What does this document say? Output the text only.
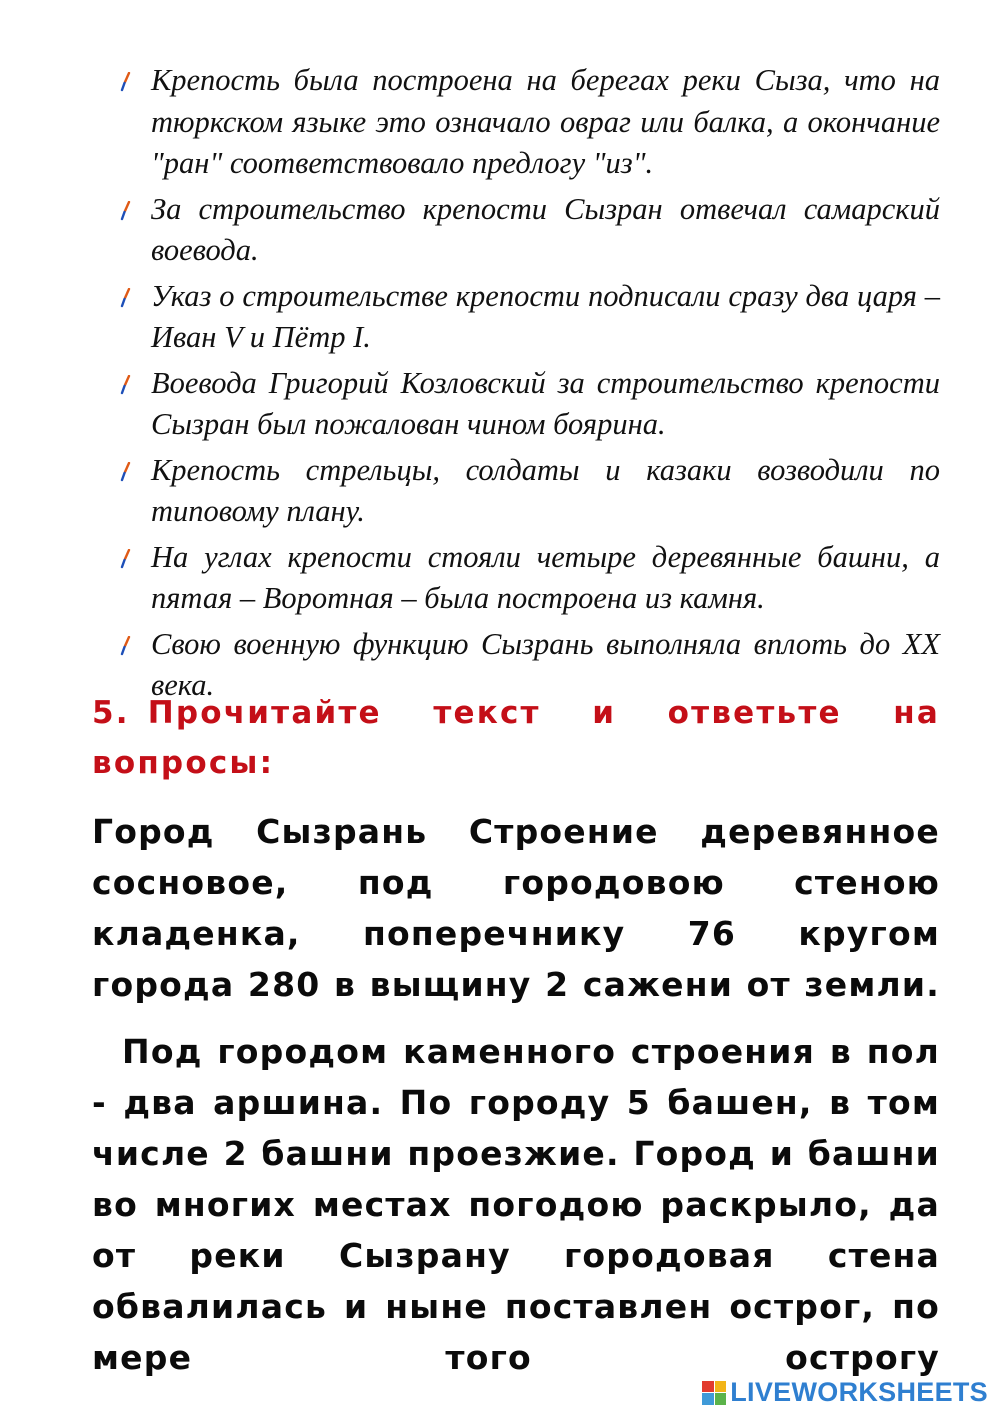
Крепость была построена на берегах реки Сыза, что на тюркском языке это означало овраг или балка, а окончание "ран" соответствовало предлогу "из".
За строительство крепости Сызран отвечал самарский воевода.
Указ о строительстве крепости подписали сразу два царя – Иван V и Пётр I.
Воевода Григорий Козловский за строительство крепости Сызран был пожалован чином боярина.
Крепость стрельцы, солдаты и казаки возводили по типовому плану.
На углах крепости стояли четыре деревянные башни, а пятая – Воротная – была построена из камня.
Свою военную функцию Сызрань выполняла вплоть до XX века.
5. Прочитайте текст и ответьте на вопросы:

Город Сызрань Строение деревянное сосновое, под городовою стеною кладенка, поперечнику 76 кругом города 280 в выщину 2 сажени от земли.

Под городом каменного строения в пол - два аршина. По городу 5 башен, в том числе 2 башни проезжие. Город и башни во многих местах погодою раскрыло, да от реки Сызрану городовая стена обвалилась и ныне поставлен острог, по мере того острогу

LIVEWORKSHEETS
